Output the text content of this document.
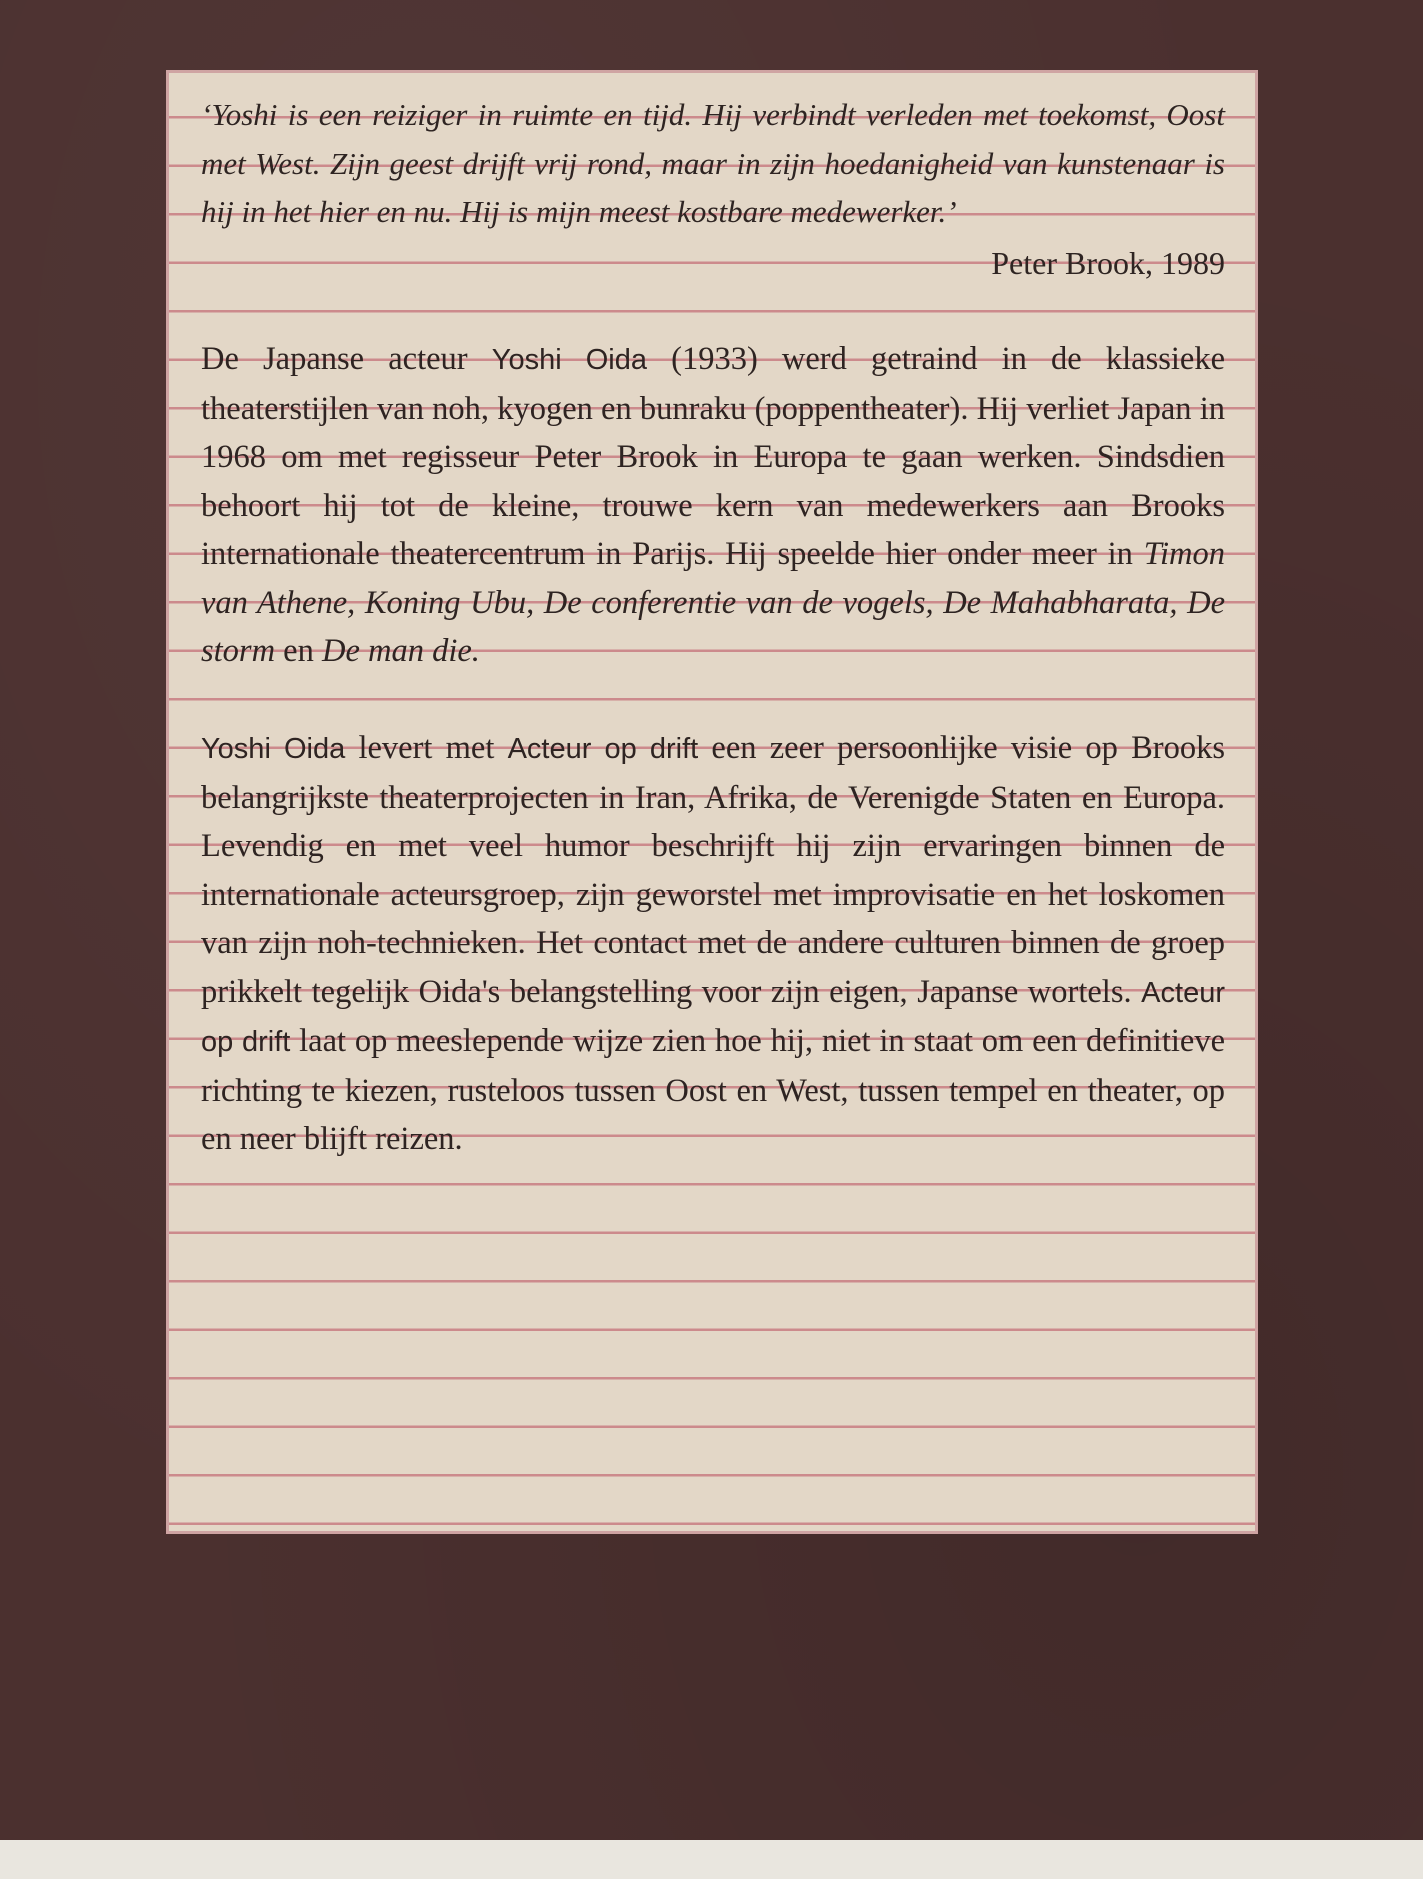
‘Yoshi is een reiziger in ruimte en tijd. Hij verbindt verleden met toekomst, Oost met West. Zijn geest drijft vrij rond, maar in zijn hoedanigheid van kunstenaar is hij in het hier en nu. Hij is mijn meest kostbare medewerker.’

Peter Brook, 1989

De Japanse acteur Yoshi Oida (1933) werd getraind in de klassieke theaterstijlen van noh, kyogen en bunraku (poppentheater). Hij verliet Japan in 1968 om met regisseur Peter Brook in Europa te gaan werken. Sindsdien behoort hij tot de kleine, trouwe kern van medewerkers aan Brooks internationale theatercentrum in Parijs. Hij speelde hier onder meer in Timon van Athene, Koning Ubu, De conferentie van de vogels, De Mahabharata, De storm en De man die.

Yoshi Oida levert met Acteur op drift een zeer persoonlijke visie op Brooks belangrijkste theaterprojecten in Iran, Afrika, de Verenigde Staten en Europa. Levendig en met veel humor beschrijft hij zijn ervaringen binnen de internationale acteursgroep, zijn geworstel met improvisatie en het loskomen van zijn noh-technieken. Het contact met de andere culturen binnen de groep prikkelt tegelijk Oida's belangstelling voor zijn eigen, Japanse wortels. Acteur op drift laat op meeslepende wijze zien hoe hij, niet in staat om een definitieve richting te kiezen, rusteloos tussen Oost en West, tussen tempel en theater, op en neer blijft reizen.
